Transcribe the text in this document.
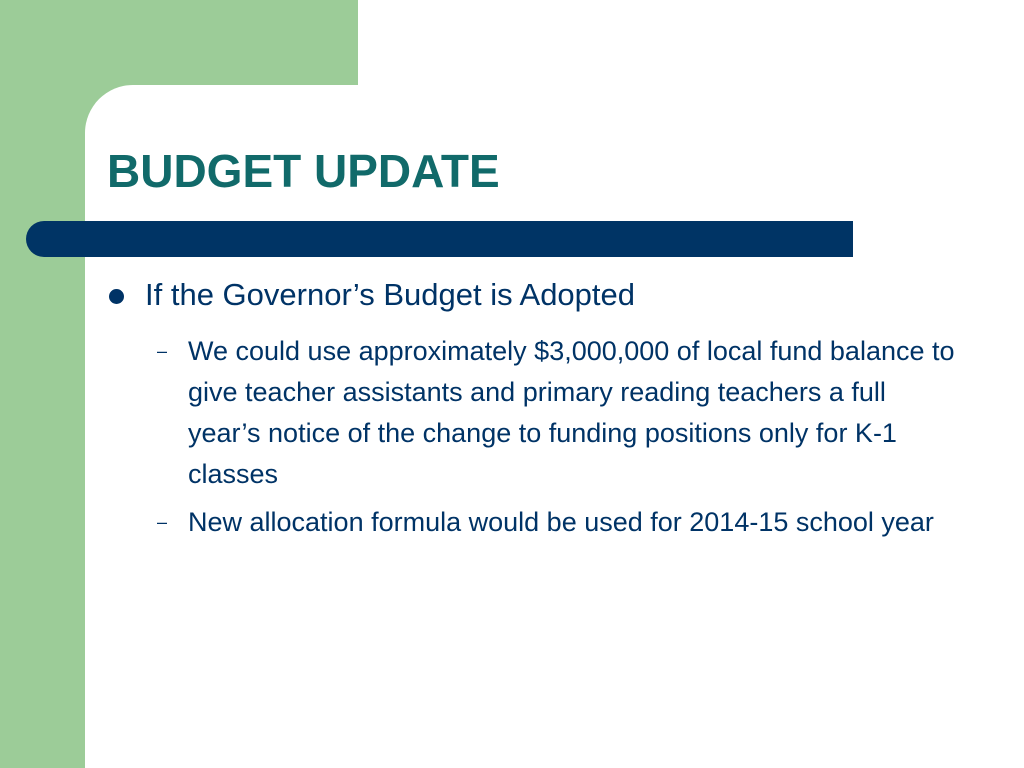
BUDGET UPDATE
If the Governor’s Budget is Adopted
– We could use approximately $3,000,000 of local fund balance to give teacher assistants and primary reading teachers a full year’s notice of the change to funding positions only for K-1 classes
– New allocation formula would be used for 2014-15 school year
